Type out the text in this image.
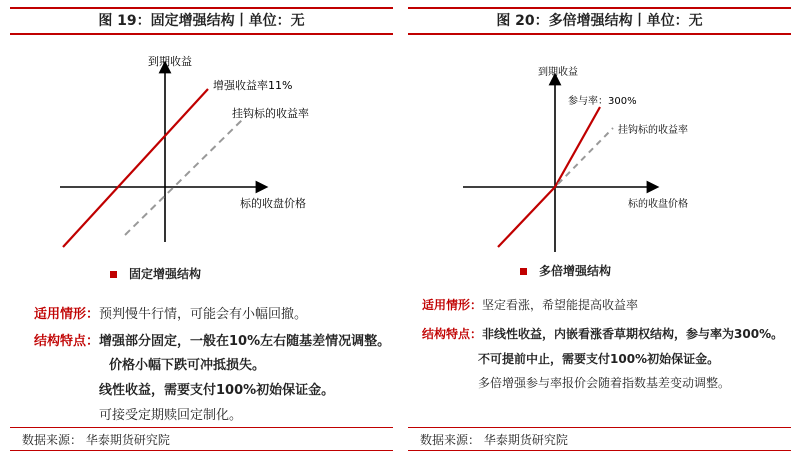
图 19：固定增强结构丨单位：无
到期收益
标的收盘价格
增强收益率11%
挂钩标的收益率
固定增强结构
适用情形：预判慢牛行情，可能会有小幅回撤。
结构特点：增强部分固定，一般在10%左右随基差情况调整。
价格小幅下跌可冲抵损失。
线性收益，需要支付100%初始保证金。
可接受定期赎回定制化。
数据来源： 华泰期货研究院
图 20：多倍增强结构丨单位：无
到期收益
标的收盘价格
参与率：300%
挂钩标的收益率
多倍增强结构
适用情形：坚定看涨，希望能提高收益率
结构特点：非线性收益，内嵌看涨香草期权结构，参与率为300%。
不可提前中止，需要支付100%初始保证金。
多倍增强参与率报价会随着指数基差变动调整。
数据来源： 华泰期货研究院
